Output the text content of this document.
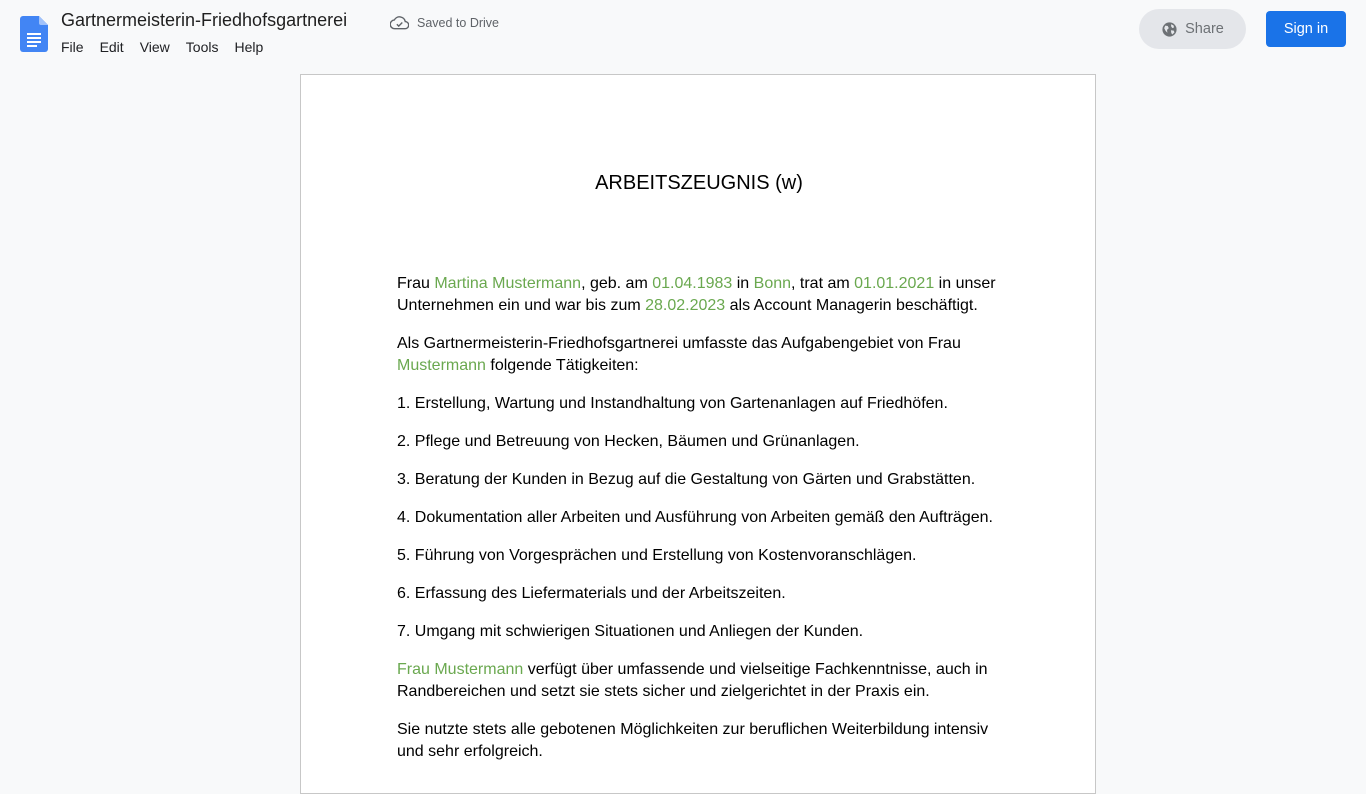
Gartnermeisterin-Friedhofsgartnerei	Saved to Drive
File	Edit	View	Tools	Help
Share	Sign in
ARBEITSZEUGNIS (w)

Frau Martina Mustermann, geb. am 01.04.1983 in Bonn, trat am 01.01.2021 in unser Unternehmen ein und war bis zum 28.02.2023 als Account Managerin beschäftigt.

Als Gartnermeisterin-Friedhofsgartnerei umfasste das Aufgabengebiet von Frau Mustermann folgende Tätigkeiten:

1. Erstellung, Wartung und Instandhaltung von Gartenanlagen auf Friedhöfen.

2. Pflege und Betreuung von Hecken, Bäumen und Grünanlagen.

3. Beratung der Kunden in Bezug auf die Gestaltung von Gärten und Grabstätten.

4. Dokumentation aller Arbeiten und Ausführung von Arbeiten gemäß den Aufträgen.

5. Führung von Vorgesprächen und Erstellung von Kostenvoranschlägen.

6. Erfassung des Liefermaterials und der Arbeitszeiten.

7. Umgang mit schwierigen Situationen und Anliegen der Kunden.

Frau Mustermann verfügt über umfassende und vielseitige Fachkenntnisse, auch in Randbereichen und setzt sie stets sicher und zielgerichtet in der Praxis ein.

Sie nutzte stets alle gebotenen Möglichkeiten zur beruflichen Weiterbildung intensiv und sehr erfolgreich.
